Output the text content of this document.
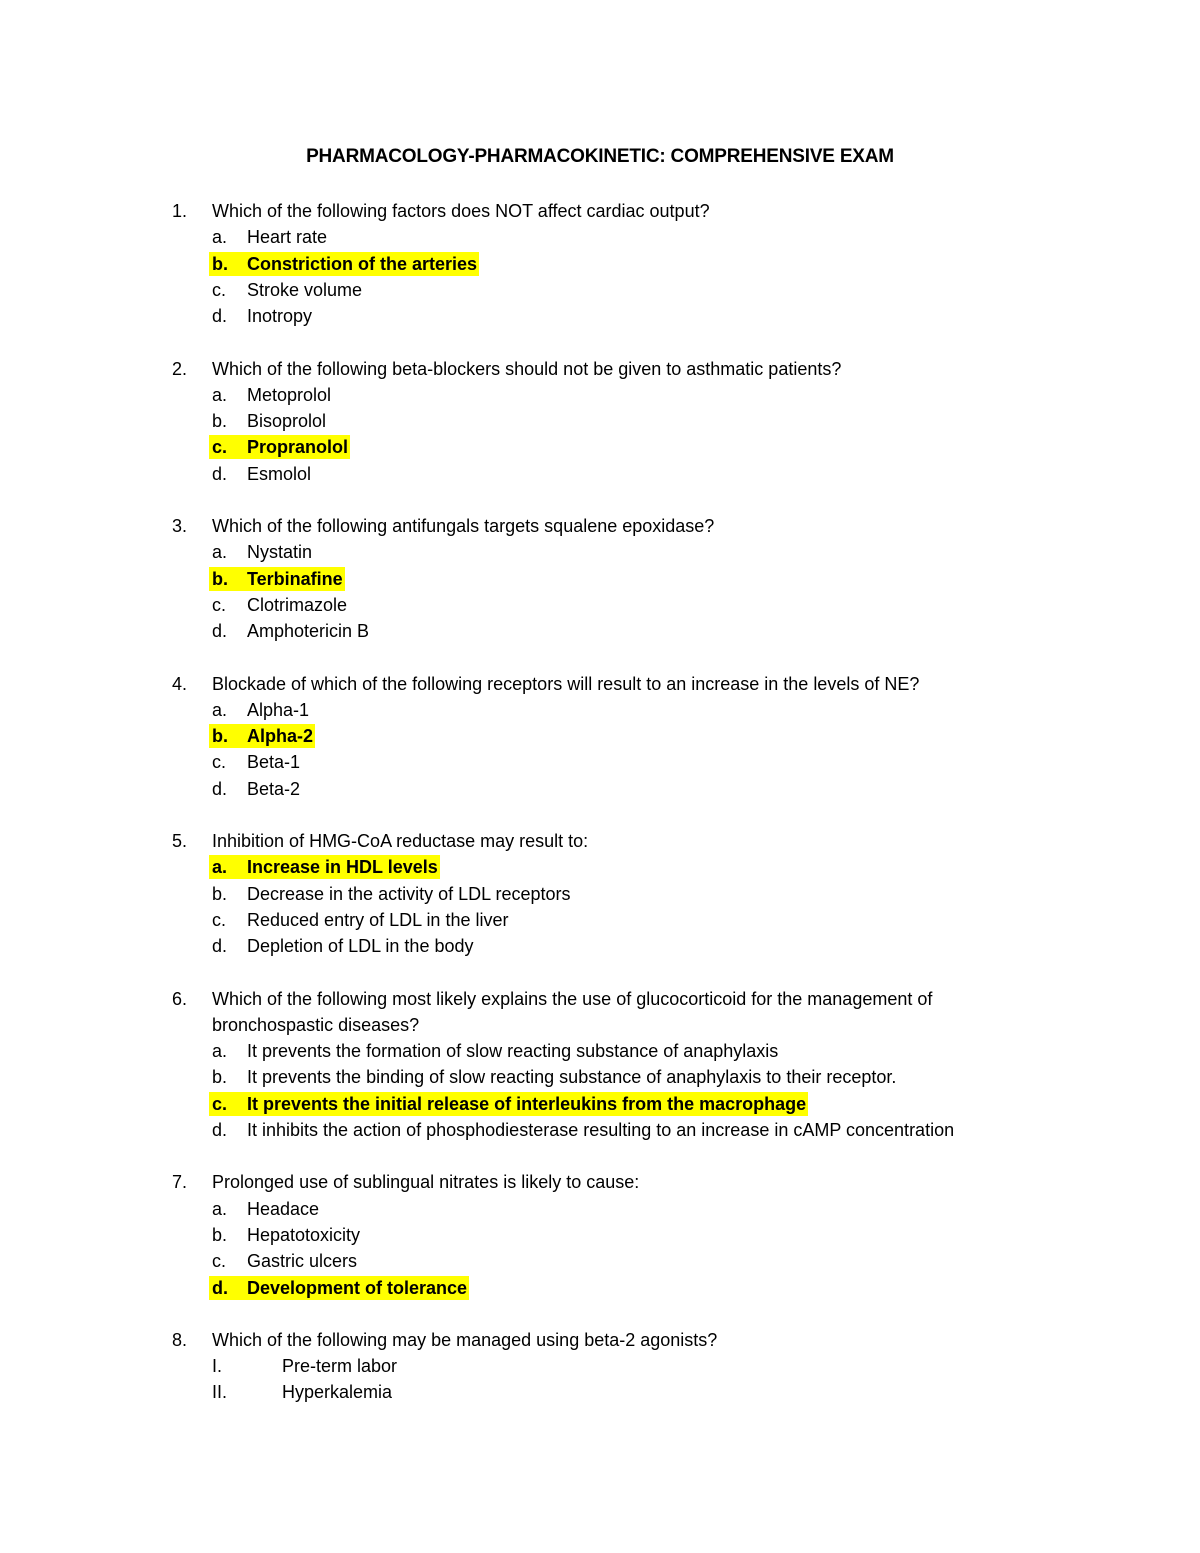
PHARMACOLOGY-PHARMACOKINETIC: COMPREHENSIVE EXAM
1. Which of the following factors does NOT affect cardiac output?
a. Heart rate
b. Constriction of the arteries
c. Stroke volume
d. Inotropy
2. Which of the following beta-blockers should not be given to asthmatic patients?
a. Metoprolol
b. Bisoprolol
c. Propranolol
d. Esmolol
3. Which of the following antifungals targets squalene epoxidase?
a. Nystatin
b. Terbinafine
c. Clotrimazole
d. Amphotericin B
4. Blockade of which of the following receptors will result to an increase in the levels of NE?
a. Alpha-1
b. Alpha-2
c. Beta-1
d. Beta-2
5. Inhibition of HMG-CoA reductase may result to:
a. Increase in HDL levels
b. Decrease in the activity of LDL receptors
c. Reduced entry of LDL in the liver
d. Depletion of LDL in the body
6. Which of the following most likely explains the use of glucocorticoid for the management of
bronchospastic diseases?
a. It prevents the formation of slow reacting substance of anaphylaxis
b. It prevents the binding of slow reacting substance of anaphylaxis to their receptor.
c. It prevents the initial release of interleukins from the macrophage
d. It inhibits the action of phosphodiesterase resulting to an increase in cAMP concentration
7. Prolonged use of sublingual nitrates is likely to cause:
a. Headace
b. Hepatotoxicity
c. Gastric ulcers
d. Development of tolerance
8. Which of the following may be managed using beta-2 agonists?
I.	Pre-term labor
II.	Hyperkalemia
